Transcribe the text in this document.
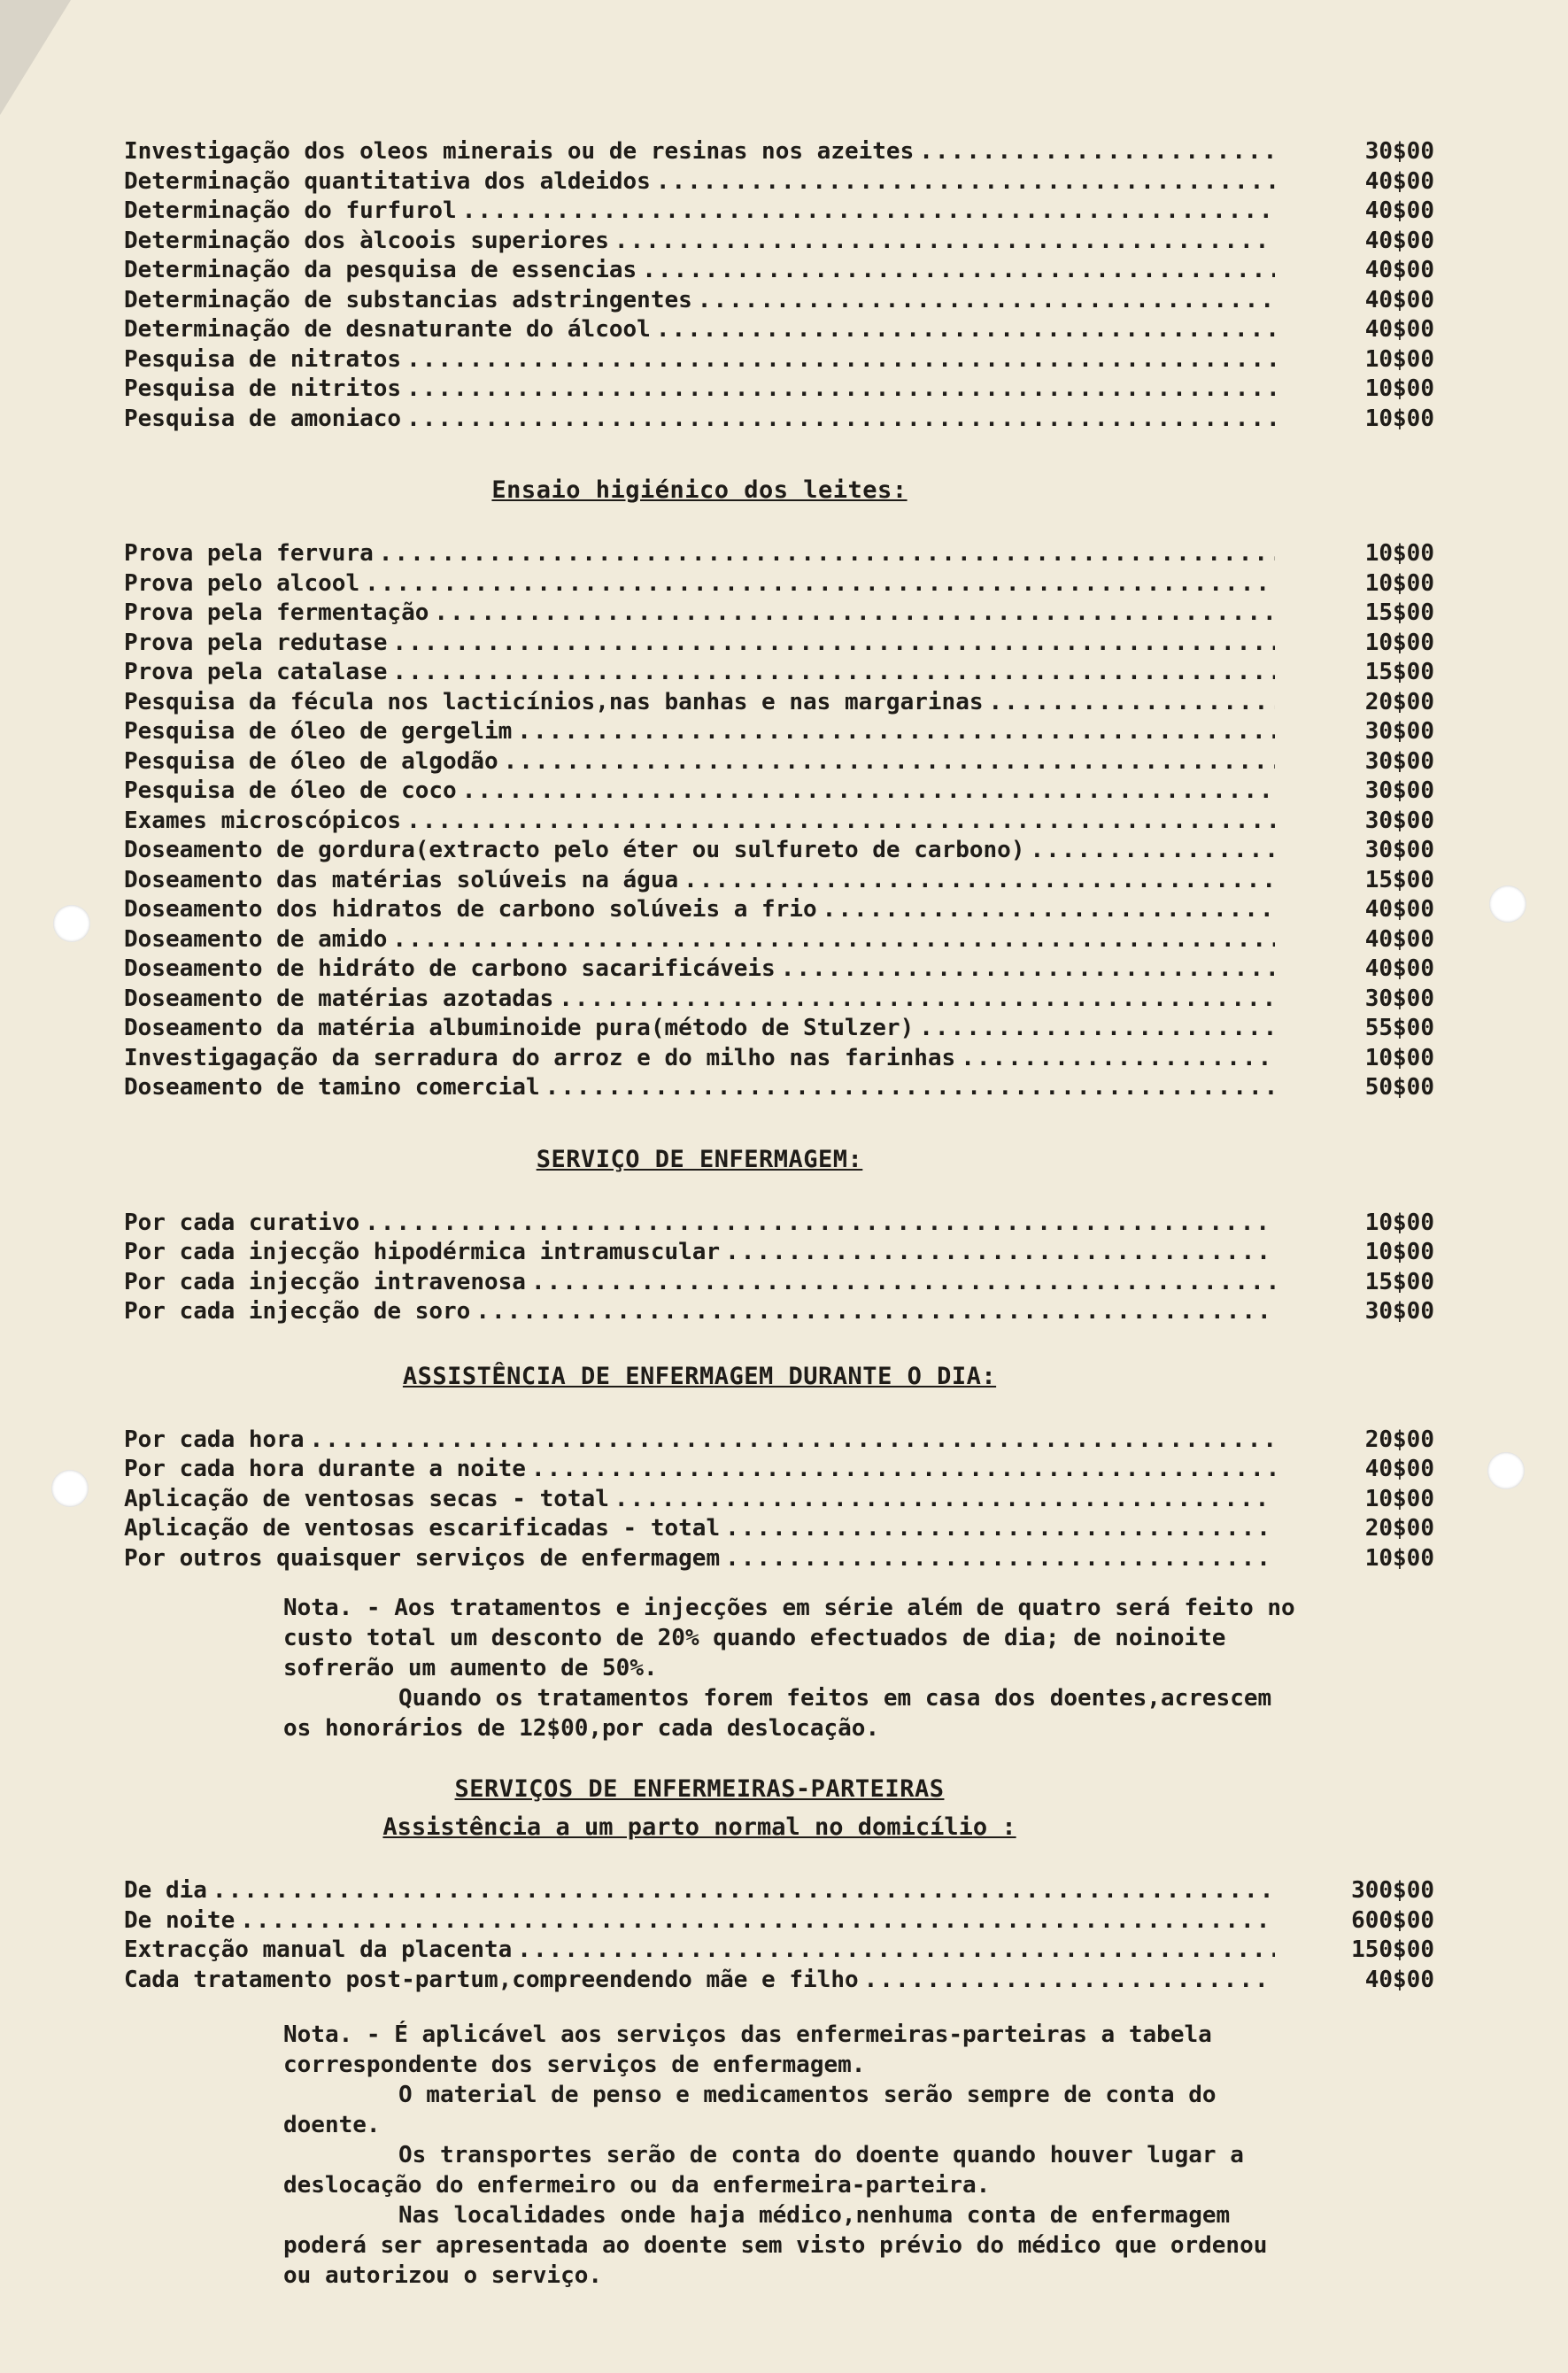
Investigação dos oleos minerais ou de resinas nos azeites .....	30$00
Determinação quantitativa dos aldeidos .....	40$00
Determinação do furfurol .....	40$00
Determinação dos àlcoois superiores .....	40$00
Determinação da pesquisa de essencias .....	40$00
Determinação de substancias adstringentes .....	40$00
Determinação de desnaturante do álcool .....	40$00
Pesquisa de nitratos .....	10$00
Pesquisa de nitritos .....	10$00
Pesquisa de amoniaco .....	10$00
Ensaio higiénico dos leites:
Prova pela fervura .....	10$00
Prova pelo alcool .....	10$00
Prova pela fermentação .....	15$00
Prova pela redutase .....	10$00
Prova pela catalase .....	15$00
Pesquisa da fécula nos lacticínios,nas banhas e nas margarinas .....	20$00
Pesquisa de óleo de gergelim .....	30$00
Pesquisa de óleo de algodão .....	30$00
Pesquisa de óleo de coco .....	30$00
Exames microscópicos .....	30$00
Doseamento de gordura(extracto pelo éter ou sulfureto de carbono) .....	30$00
Doseamento das matérias solúveis na água .....	15$00
Doseamento dos hidratos de carbono solúveis a frio .....	40$00
Doseamento de amido .....	40$00
Doseamento de hidráto de carbono sacarificáveis .....	40$00
Doseamento de matérias azotadas .....	30$00
Doseamento da matéria albuminoide pura(método de Stulzer) .....	55$00
Investigagação da serradura do arroz e do milho nas farinhas .....	10$00
Doseamento de tamino comercial .....	50$00
SERVIÇO DE ENFERMAGEM:
Por cada curativo .....	10$00
Por cada injecção hipodérmica intramuscular .....	10$00
Por cada injecção intravenosa .....	15$00
Por cada injecção de soro .....	30$00
ASSISTÊNCIA DE ENFERMAGEM DURANTE O DIA:
Por cada hora .....	20$00
Por cada hora durante a noite .....	40$00
Aplicação de ventosas secas - total .....	10$00
Aplicação de ventosas escarificadas - total .....	20$00
Por outros quaisquer serviços de enfermagem .....	10$00

Nota. - Aos tratamentos e injecções em série além de quatro será feito no custo total um desconto de 20% quando efectuados de dia; de noinoite sofrerão um aumento de 50%.

Quando os tratamentos forem feitos em casa dos doentes,acrescem os honorários de 12$00,por cada deslocação.

SERVIÇOS DE ENFERMEIRAS-PARTEIRAS
Assistência a um parto normal no domicílio :
De dia .....	300$00
De noite .....	600$00
Extracção manual da placenta .....	150$00
Cada tratamento post-partum,compreendendo mãe e filho .....	40$00

Nota. - É aplicável aos serviços das enfermeiras-parteiras a tabela correspondente dos serviços de enfermagem.

O material de penso e medicamentos serão sempre de conta do doente.

Os transportes serão de conta do doente quando houver lugar a deslocação do enfermeiro ou da enfermeira-parteira.

Nas localidades onde haja médico,nenhuma conta de enfermagem poderá ser apresentada ao doente sem visto prévio do médico que ordenou ou autorizou o serviço.
